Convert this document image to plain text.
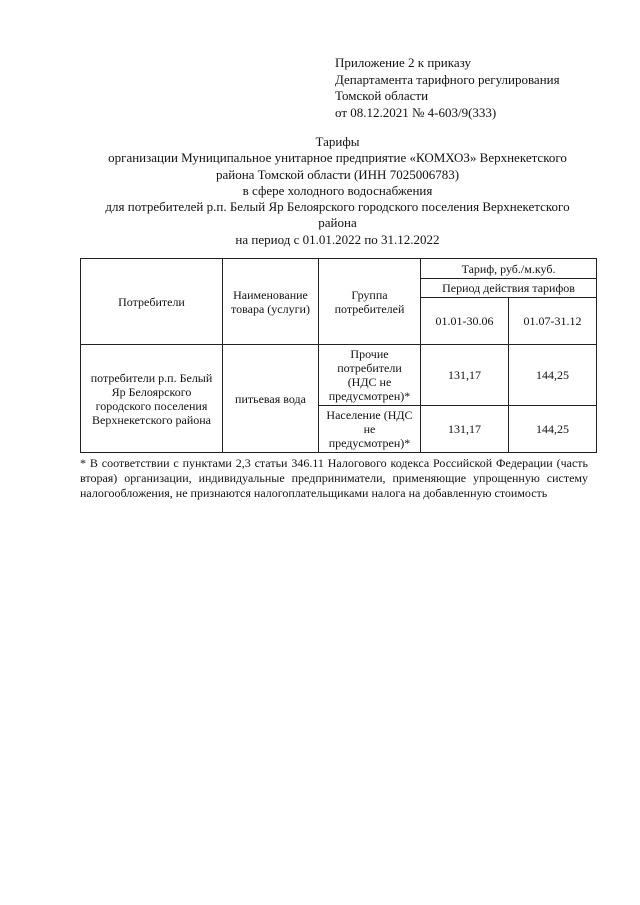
Приложение 2 к приказу
Департамента тарифного регулирования
Томской области
от 08.12.2021 № 4-603/9(333)
Тарифы
организации Муниципальное унитарное предприятие «КОМХОЗ» Верхнекетского
района Томской области (ИНН 7025006783)
в сфере холодного водоснабжения
для потребителей р.п. Белый Яр Белоярского городского поселения Верхнекетского
района
на период с 01.01.2022 по 31.12.2022
Потребители	Наименование товара (услуги)	Группа потребителей	Тариф, руб./м.куб.	
			Период действия тарифов	
			01.01-30.06	01.07-31.12
потребители р.п. Белый Яр Белоярского городского поселения Верхнекетского района	питьевая вода	Прочие потребители (НДС не предусмотрен)*	131,17	144,25
		Население (НДС не предусмотрен)*	131,17	144,25
* В соответствии с пунктами 2,3 статьи 346.11 Налогового кодекса Российской Федерации (часть вторая) организации, индивидуальные предприниматели, применяющие упрощенную систему налогообложения, не признаются налогоплательщиками налога на добавленную стоимость
